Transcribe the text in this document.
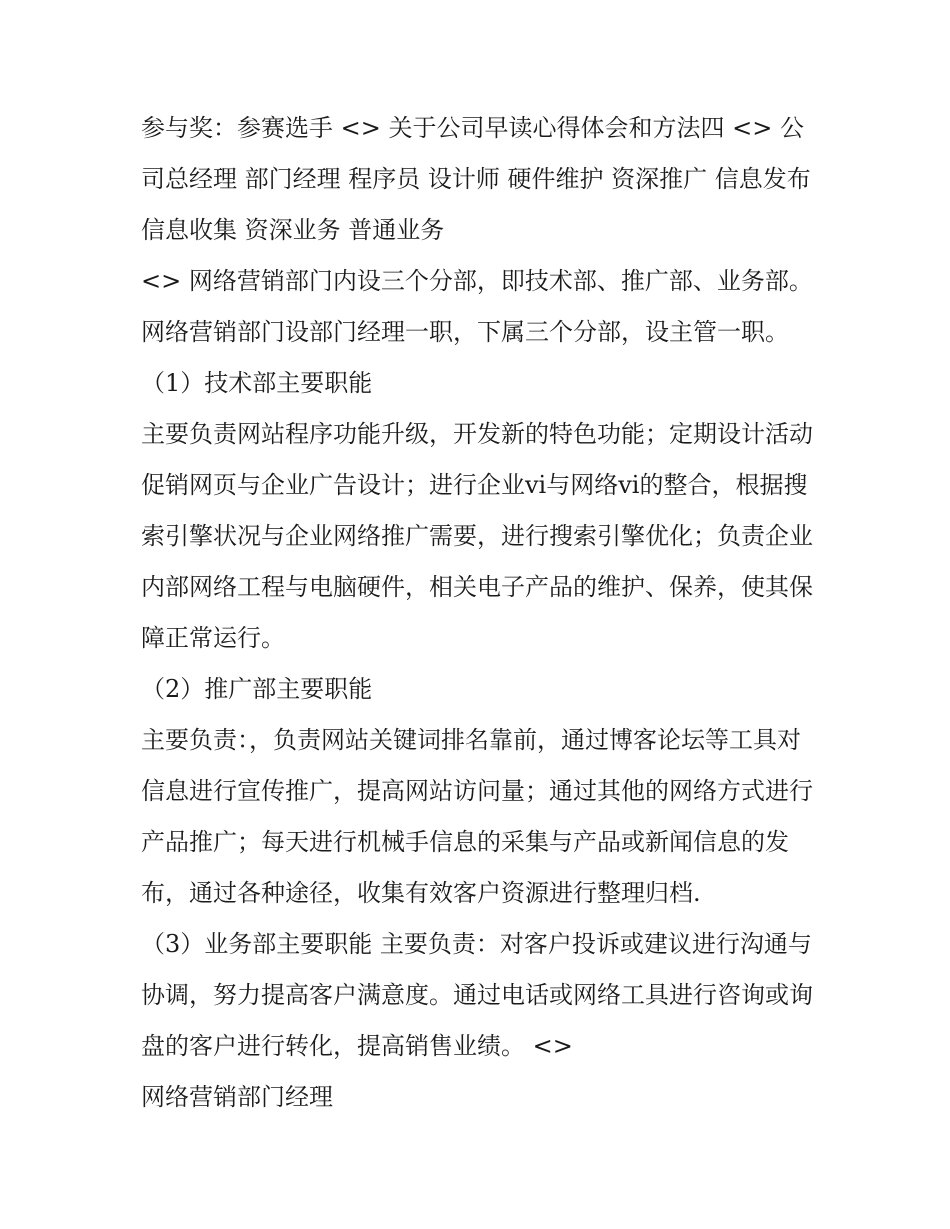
参与奖：参赛选手 <> 关于公司早读心得体会和方法四 <> 公司总经理 部门经理 程序员 设计师 硬件维护 资深推广 信息发布 信息收集 资深业务 普通业务

<> 网络营销部门内设三个分部，即技术部、推广部、业务部。网络营销部门设部门经理一职，下属三个分部，设主管一职。 （1）技术部主要职能

主要负责网站程序功能升级，开发新的特色功能；定期设计活动促销网页与企业广告设计；进行企业vi与网络vi的整合，根据搜索引擎状况与企业网络推广需要，进行搜索引擎优化；负责企业内部网络工程与电脑硬件，相关电子产品的维护、保养，使其保障正常运行。

（2）推广部主要职能

主要负责：，负责网站关键词排名靠前，通过博客论坛等工具对信息进行宣传推广，提高网站访问量；通过其他的网络方式进行产品推广；每天进行机械手信息的采集与产品或新闻信息的发布，通过各种途径，收集有效客户资源进行整理归档.

（3）业务部主要职能 主要负责：对客户投诉或建议进行沟通与协调，努力提高客户满意度。通过电话或网络工具进行咨询或询盘的客户进行转化，提高销售业绩。 <>

网络营销部门经理
